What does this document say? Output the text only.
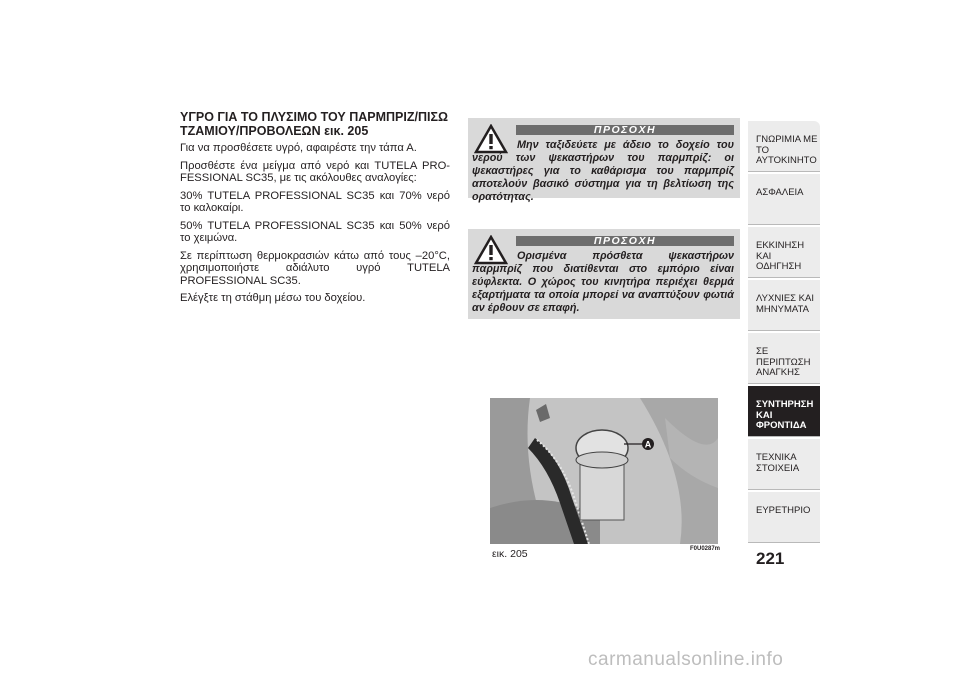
ΥΓΡΟ ΓΙΑ ΤΟ ΠΛΥΣΙΜΟ ΤΟΥ ΠΑΡΜΠΡΙΖ/ΠΙΣΩ
ΤΖΑΜΙΟΥ/ΠΡΟΒΟΛΕΩΝ εικ. 205

Για να προσθέσετε υγρό, αφαιρέστε την τάπα Α.

Προσθέστε ένα μείγμα από νερό και TUTELA PRO-FESSIONAL SC35, με τις ακόλουθες αναλογίες:

30% TUTELA PROFESSIONAL SC35 και 70% νερό το καλοκαίρι.

50% TUTELA PROFESSIONAL SC35 και 50% νερό το χειμώνα.

Σε περίπτωση θερμοκρασιών κάτω από τους –20°C, χρησιμοποιήστε αδιάλυτο υγρό TUTELA PROFESSIONAL SC35.

Ελέγξτε τη στάθμη μέσω του δοχείου.

ΠΡΟΣΟΧΗ
Μην ταξιδεύετε με άδειο το δοχείο του νερού των ψεκαστήρων του παρμπρίζ: οι ψεκαστήρες για το καθάρισμα του παρμπρίζ αποτελούν βασικό σύστημα για τη βελτίωση της ορατότητας.
ΠΡΟΣΟΧΗ
Ορισμένα πρόσθετα ψεκαστήρων παρμπρίζ που διατίθενται στο εμπόριο είναι εύφλεκτα. Ο χώρος του κινητήρα περιέχει θερμά εξαρτήματα τα οποία μπορεί να αναπτύξουν φωτιά αν έρθουν σε επαφή.
A
εικ. 205	F0U0287m
ΓΝΩΡΙΜΙΑ ΜΕ ΤΟ ΑΥΤΟΚΙΝΗΤΟ
ΑΣΦΑΛΕΙΑ
ΕΚΚΙΝΗΣΗ ΚΑΙ ΟΔΗΓΗΣΗ
ΛΥΧΝΙΕΣ ΚΑΙ ΜΗΝΥΜΑΤΑ
ΣΕ ΠΕΡΙΠΤΩΣΗ ΑΝΑΓΚΗΣ
ΣΥΝΤΗΡΗΣΗ ΚΑΙ ΦΡΟΝΤΙΔΑ
ΤΕΧΝΙΚΑ ΣΤΟΙΧΕΙΑ
ΕΥΡΕΤΗΡΙΟ
221
carmanualsonline.info
